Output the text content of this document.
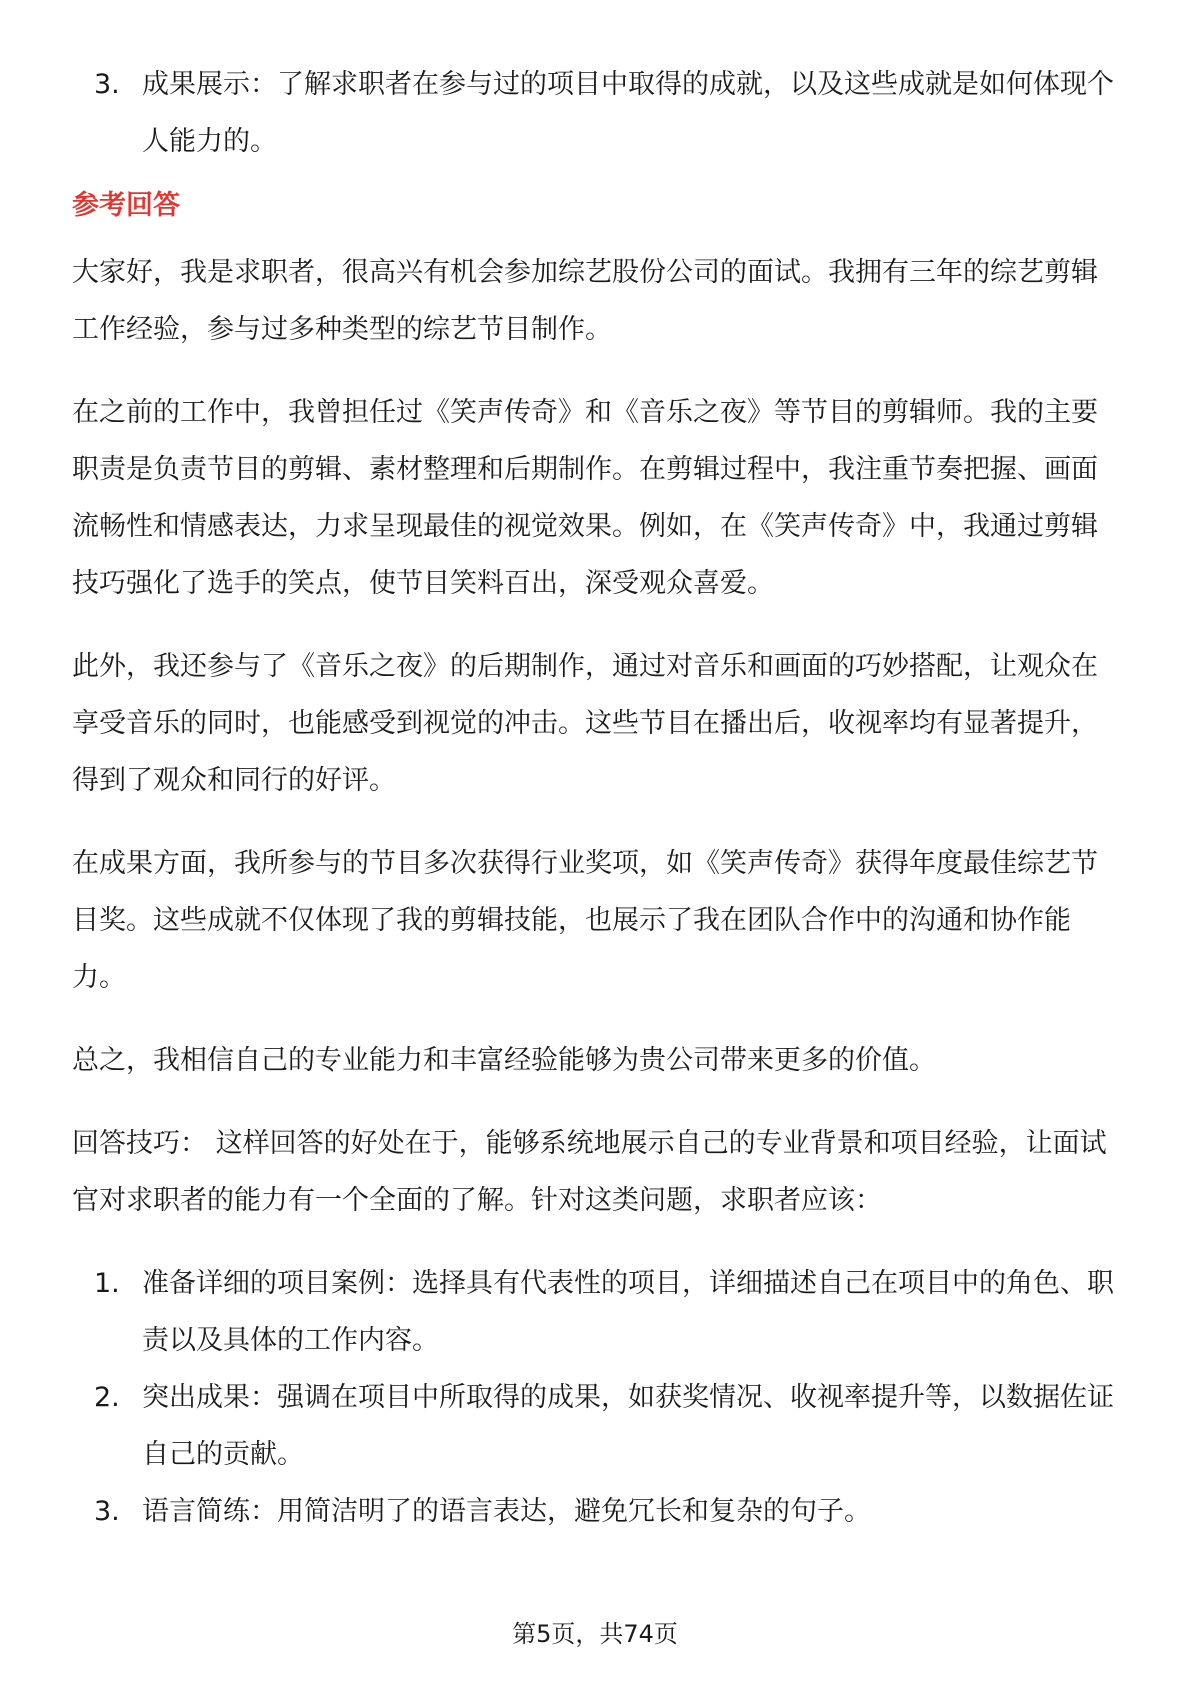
3. 成果展示：了解求职者在参与过的项目中取得的成就，以及这些成就是如何体现个人能力的。
参考回答

大家好，我是求职者，很高兴有机会参加综艺股份公司的面试。我拥有三年的综艺剪辑工作经验，参与过多种类型的综艺节目制作。

在之前的工作中，我曾担任过《笑声传奇》和《音乐之夜》等节目的剪辑师。我的主要职责是负责节目的剪辑、素材整理和后期制作。在剪辑过程中，我注重节奏把握、画面流畅性和情感表达，力求呈现最佳的视觉效果。例如，在《笑声传奇》中，我通过剪辑技巧强化了选手的笑点，使节目笑料百出，深受观众喜爱。

此外，我还参与了《音乐之夜》的后期制作，通过对音乐和画面的巧妙搭配，让观众在享受音乐的同时，也能感受到视觉的冲击。这些节目在播出后，收视率均有显著提升，得到了观众和同行的好评。

在成果方面，我所参与的节目多次获得行业奖项，如《笑声传奇》获得年度最佳综艺节目奖。这些成就不仅体现了我的剪辑技能，也展示了我在团队合作中的沟通和协作能力。

总之，我相信自己的专业能力和丰富经验能够为贵公司带来更多的价值。

回答技巧： 这样回答的好处在于，能够系统地展示自己的专业背景和项目经验，让面试官对求职者的能力有一个全面的了解。针对这类问题，求职者应该：

1. 准备详细的项目案例：选择具有代表性的项目，详细描述自己在项目中的角色、职责以及具体的工作内容。
2. 突出成果：强调在项目中所取得的成果，如获奖情况、收视率提升等，以数据佐证自己的贡献。
3. 语言简练：用简洁明了的语言表达，避免冗长和复杂的句子。
第5页，共74页
